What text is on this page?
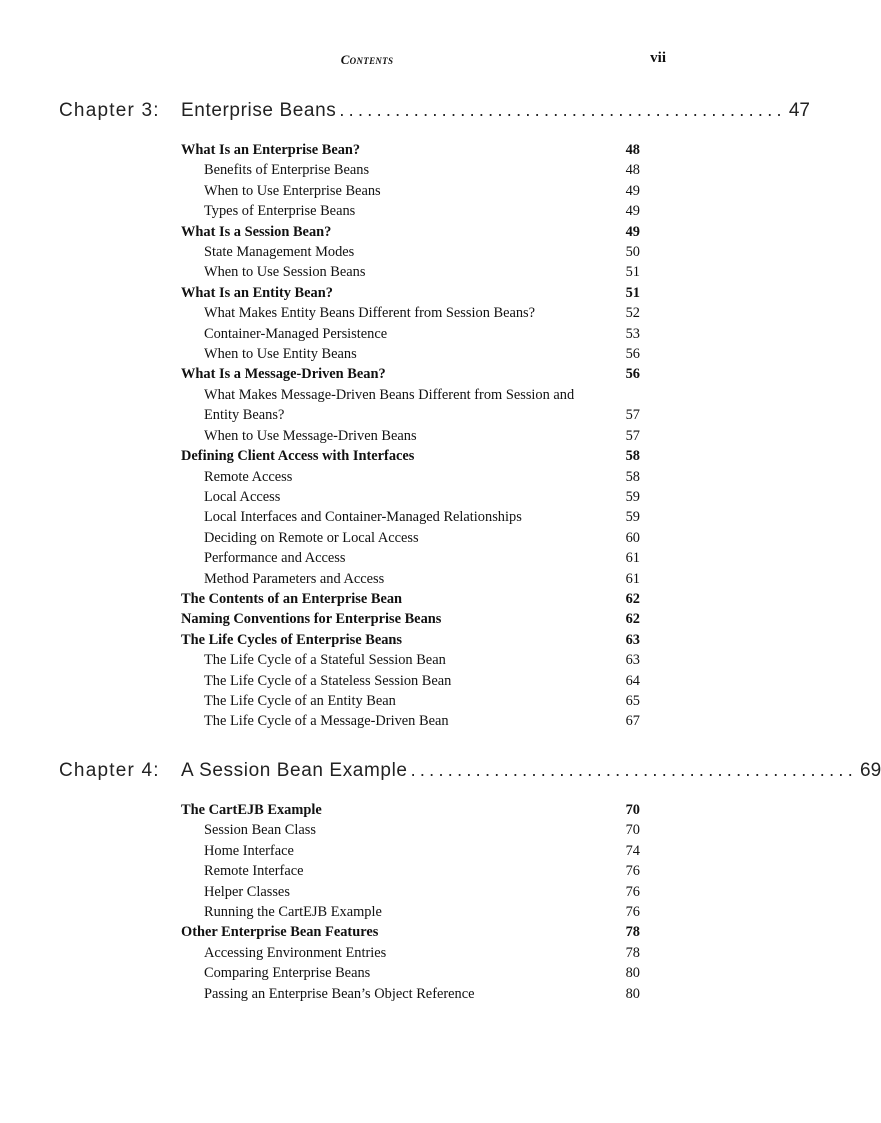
Contents	vii
Chapter 3: Enterprise Beans ................................................ 47
What Is an Enterprise Bean?	48
Benefits of Enterprise Beans	48
When to Use Enterprise Beans	49
Types of Enterprise Beans	49
What Is a Session Bean?	49
State Management Modes	50
When to Use Session Beans	51
What Is an Entity Bean?	51
What Makes Entity Beans Different from Session Beans?	52
Container-Managed Persistence	53
When to Use Entity Beans	56
What Is a Message-Driven Bean?	56
What Makes Message-Driven Beans Different from Session and Entity Beans?	57
When to Use Message-Driven Beans	57
Defining Client Access with Interfaces	58
Remote Access	58
Local Access	59
Local Interfaces and Container-Managed Relationships	59
Deciding on Remote or Local Access	60
Performance and Access	61
Method Parameters and Access	61
The Contents of an Enterprise Bean	62
Naming Conventions for Enterprise Beans	62
The Life Cycles of Enterprise Beans	63
The Life Cycle of a Stateful Session Bean	63
The Life Cycle of a Stateless Session Bean	64
The Life Cycle of an Entity Bean	65
The Life Cycle of a Message-Driven Bean	67
Chapter 4: A Session Bean Example ................................................ 69
The CartEJB Example	70
Session Bean Class	70
Home Interface	74
Remote Interface	76
Helper Classes	76
Running the CartEJB Example	76
Other Enterprise Bean Features	78
Accessing Environment Entries	78
Comparing Enterprise Beans	80
Passing an Enterprise Bean’s Object Reference	80
